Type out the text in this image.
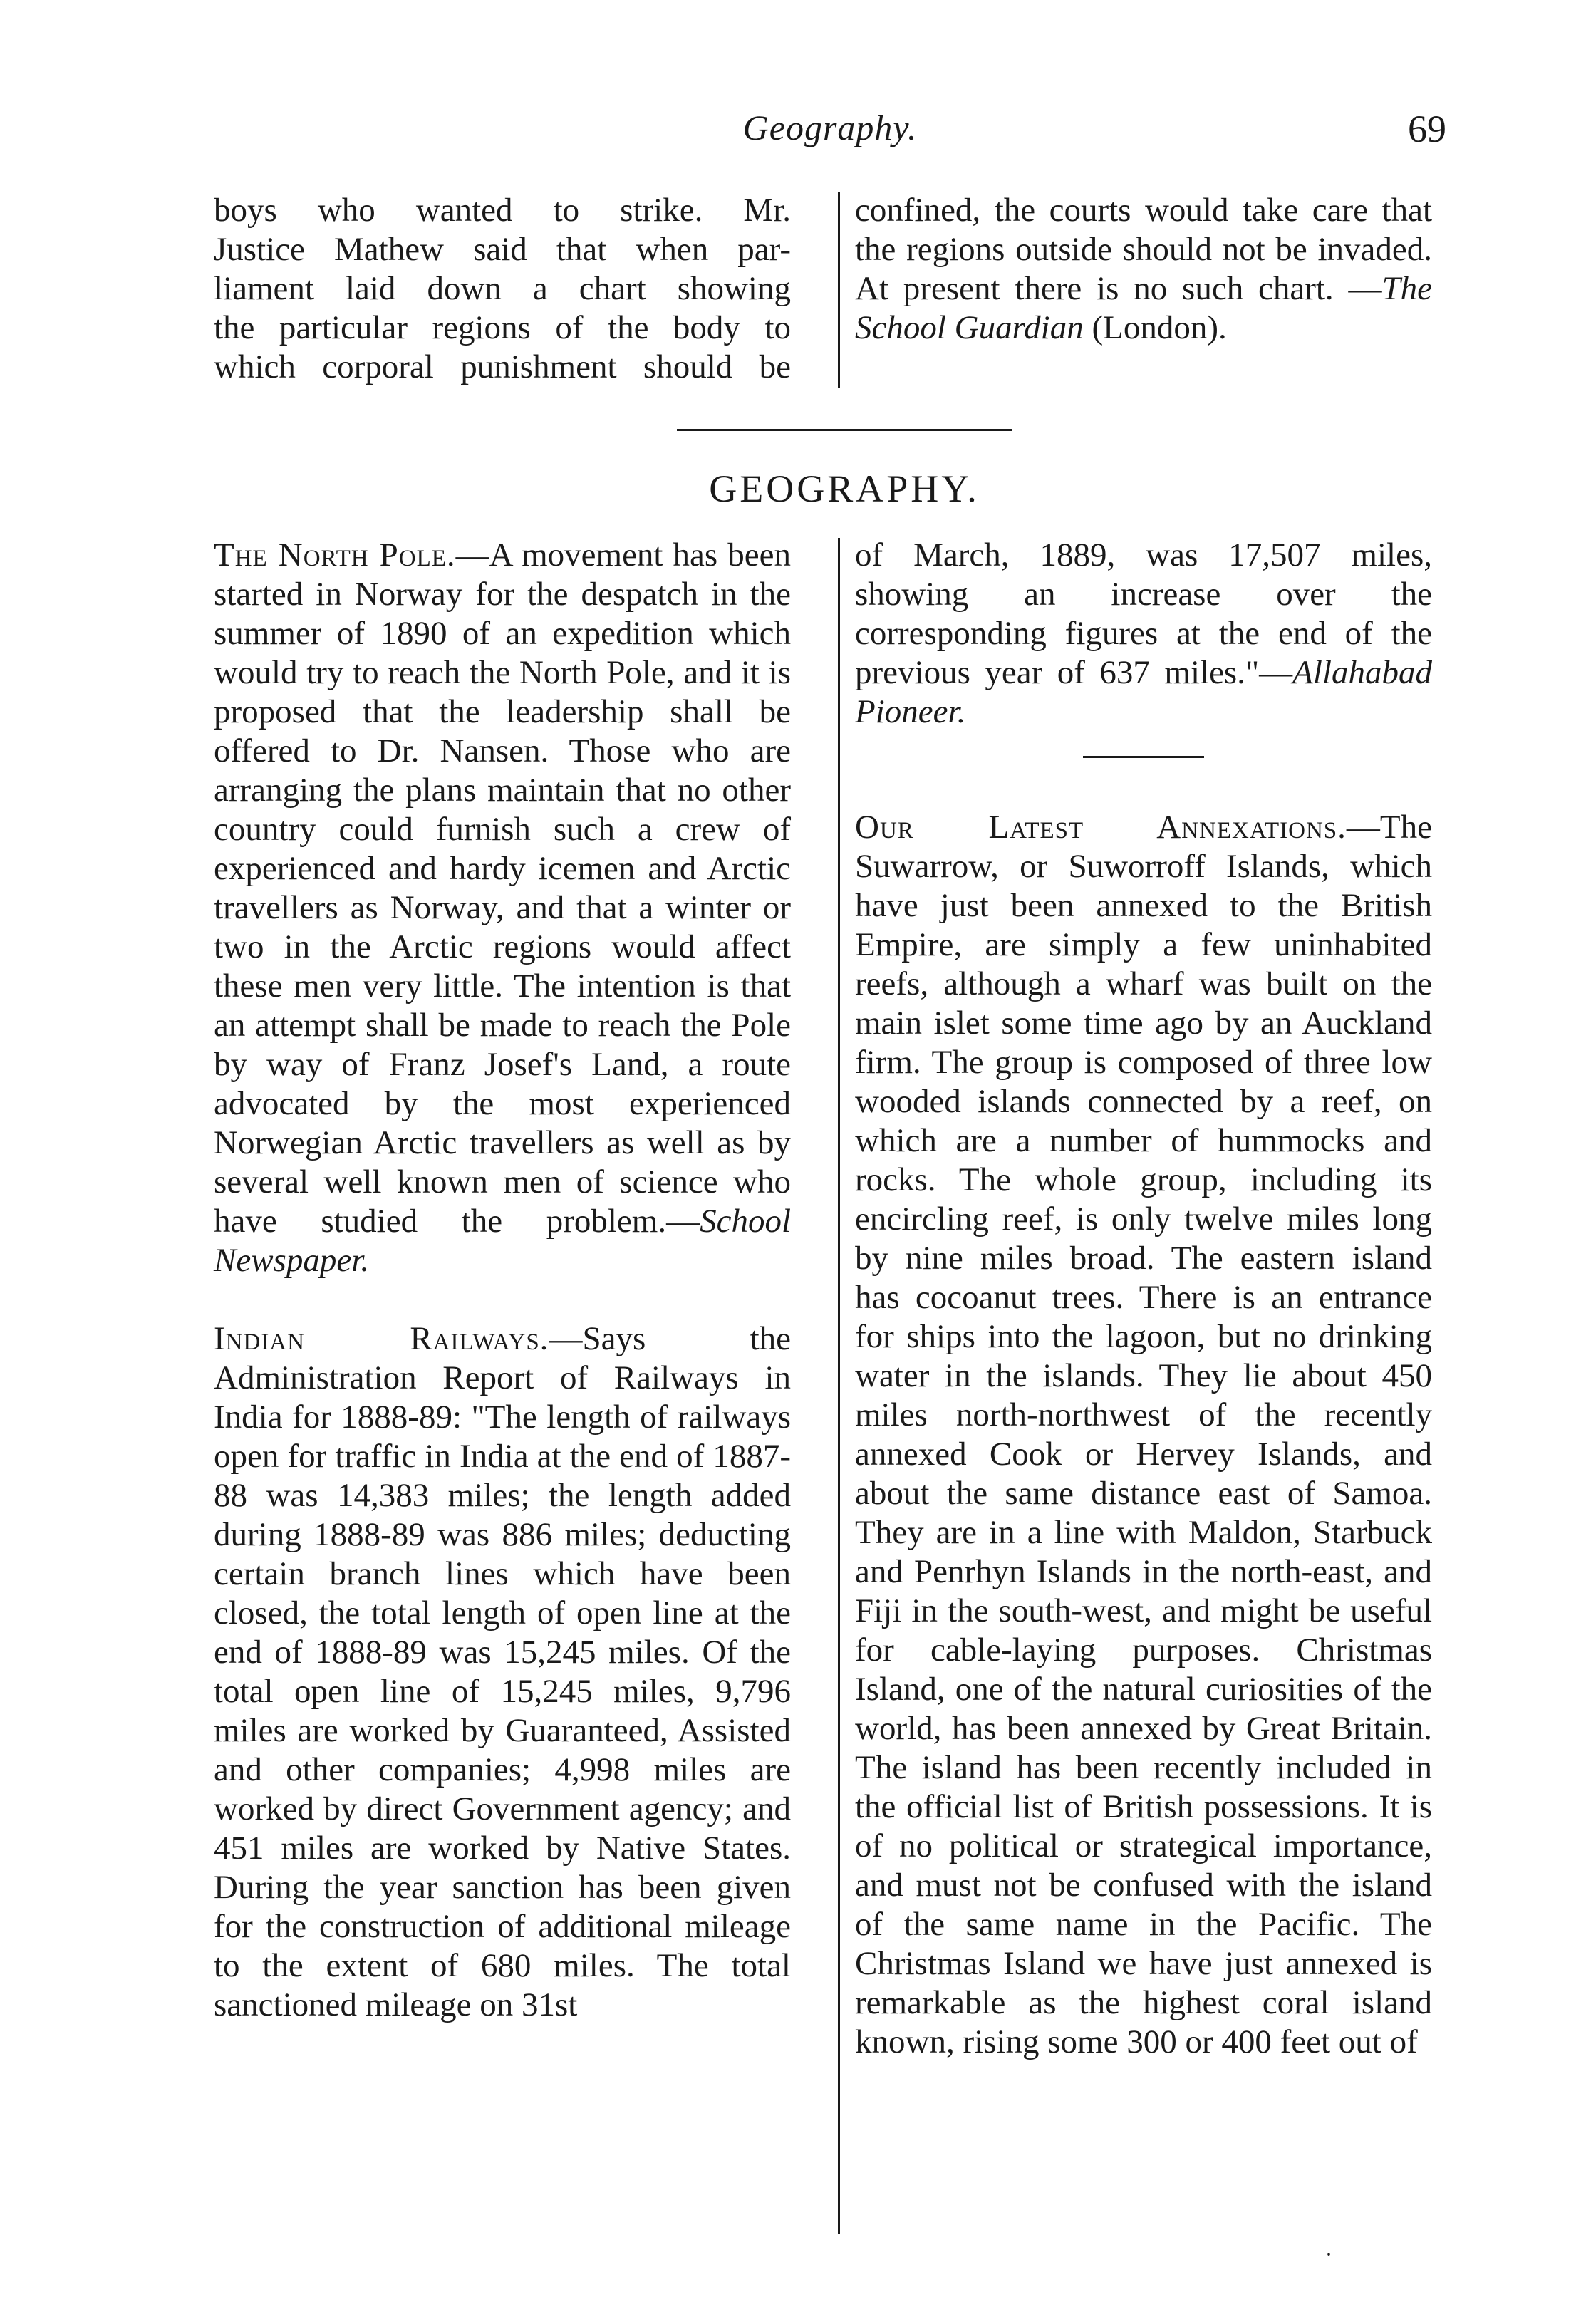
Geography.	69

boys who wanted to strike. Mr.

Justice Mathew said that when par-

liament laid down a chart showing

the particular regions of the body to

which corporal punishment should be

confined, the courts would take care that the regions outside should not be invaded. At present there is no such chart. —The School Guardian (London).

GEOGRAPHY.

The North Pole.—A movement has been started in Norway for the despatch in the summer of 1890 of an expedition which would try to reach the North Pole, and it is proposed that the leadership shall be offered to Dr. Nansen. Those who are arranging the plans maintain that no other country could furnish such a crew of experienced and hardy icemen and Arctic travellers as Norway, and that a winter or two in the Arctic regions would affect these men very little. The intention is that an attempt shall be made to reach the Pole by way of Franz Josef's Land, a route advocated by the most experienced Norwegian Arctic travellers as well as by several well known men of science who have studied the problem.—School Newspaper.

Indian Railways.—Says the Administration Report of Railways in India for 1888-89: "The length of railways open for traffic in India at the end of 1887-88 was 14,383 miles; the length added during 1888-89 was 886 miles; deducting certain branch lines which have been closed, the total length of open line at the end of 1888-89 was 15,245 miles. Of the total open line of 15,245 miles, 9,796 miles are worked by Guaranteed, Assisted and other companies; 4,998 miles are worked by direct Government agency; and 451 miles are worked by Native States. During the year sanction has been given for the construction of additional mileage to the extent of 680 miles. The total sanctioned mileage on 31st

of March, 1889, was 17,507 miles, showing an increase over the corresponding figures at the end of the previous year of 637 miles."—Allahabad Pioneer.

Our Latest Annexations.—The Suwarrow, or Suworroff Islands, which have just been annexed to the British Empire, are simply a few uninhabited reefs, although a wharf was built on the main islet some time ago by an Auckland firm. The group is composed of three low wooded islands connected by a reef, on which are a number of hummocks and rocks. The whole group, including its encircling reef, is only twelve miles long by nine miles broad. The eastern island has cocoanut trees. There is an entrance for ships into the lagoon, but no drinking water in the islands. They lie about 450 miles north-northwest of the recently annexed Cook or Hervey Islands, and about the same distance east of Samoa. They are in a line with Maldon, Starbuck and Penrhyn Islands in the north-east, and Fiji in the south-west, and might be useful for cable-laying purposes. Christmas Island, one of the natural curiosities of the world, has been annexed by Great Britain. The island has been recently included in the official list of British possessions. It is of no political or strategical importance, and must not be confused with the island of the same name in the Pacific. The Christmas Island we have just annexed is remarkable as the highest coral island known, rising some 300 or 400 feet out of

·
